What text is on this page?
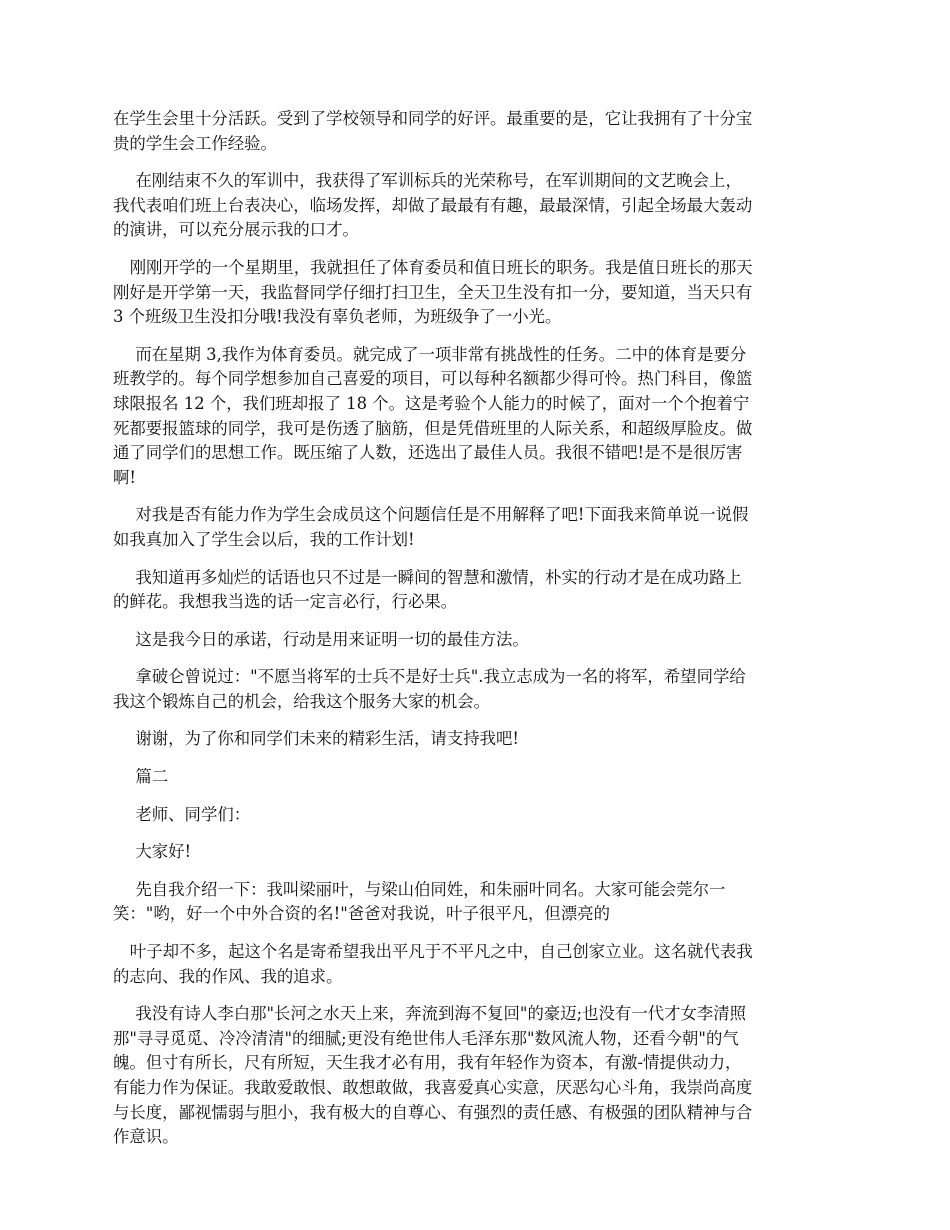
在学生会里十分活跃。受到了学校领导和同学的好评。最重要的是，它让我拥有了十分宝
贵的学生会工作经验。

在刚结束不久的军训中，我获得了军训标兵的光荣称号，在军训期间的文艺晚会上，
我代表咱们班上台表决心，临场发挥，却做了最最有有趣，最最深情，引起全场最大轰动
的演讲，可以充分展示我的口才。

刚刚开学的一个星期里，我就担任了体育委员和值日班长的职务。我是值日班长的那天
刚好是开学第一天，我监督同学仔细打扫卫生，全天卫生没有扣一分，要知道，当天只有
3 个班级卫生没扣分哦!我没有辜负老师，为班级争了一小光。

而在星期 3,我作为体育委员。就完成了一项非常有挑战性的任务。二中的体育是要分
班教学的。每个同学想参加自己喜爱的项目，可以每种名额都少得可怜。热门科目，像篮
球限报名 12 个，我们班却报了 18 个。这是考验个人能力的时候了，面对一个个抱着宁
死都要报篮球的同学，我可是伤透了脑筋，但是凭借班里的人际关系，和超级厚脸皮。做
通了同学们的思想工作。既压缩了人数，还选出了最佳人员。我很不错吧!是不是很厉害
啊!

对我是否有能力作为学生会成员这个问题信任是不用解释了吧!下面我来简单说一说假
如我真加入了学生会以后，我的工作计划!

我知道再多灿烂的话语也只不过是一瞬间的智慧和激情，朴实的行动才是在成功路上
的鲜花。我想我当选的话一定言必行，行必果。

这是我今日的承诺，行动是用来证明一切的最佳方法。

拿破仑曾说过："不愿当将军的士兵不是好士兵".我立志成为一名的将军，希望同学给
我这个锻炼自己的机会，给我这个服务大家的机会。

谢谢，为了你和同学们未来的精彩生活，请支持我吧!

篇二

老师、同学们：

大家好!

先自我介绍一下：我叫梁丽叶，与梁山伯同姓，和朱丽叶同名。大家可能会莞尔一
笑："哟，好一个中外合资的名!"爸爸对我说，叶子很平凡，但漂亮的

叶子却不多，起这个名是寄希望我出平凡于不平凡之中，自己创家立业。这名就代表我
的志向、我的作风、我的追求。

我没有诗人李白那"长河之水天上来，奔流到海不复回"的豪迈;也没有一代才女李清照
那"寻寻觅觅、冷冷清清"的细腻;更没有绝世伟人毛泽东那"数风流人物，还看今朝"的气
魄。但寸有所长，尺有所短，天生我才必有用，我有年轻作为资本，有激-情提供动力，
有能力作为保证。我敢爱敢恨、敢想敢做，我喜爱真心实意，厌恶勾心斗角，我崇尚高度
与长度，鄙视懦弱与胆小，我有极大的自尊心、有强烈的责任感、有极强的团队精神与合
作意识。
